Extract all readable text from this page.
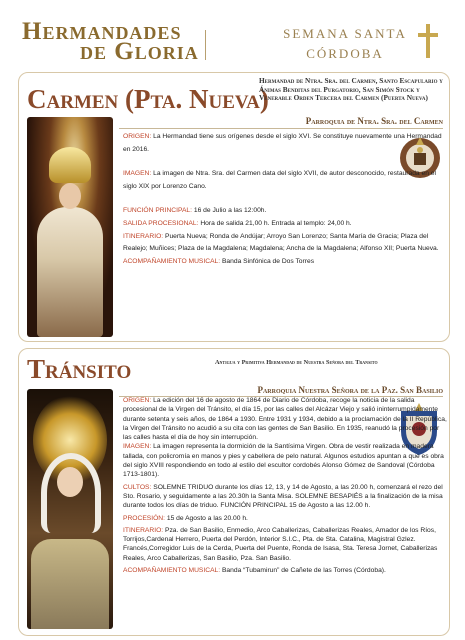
Hermandades
de Gloria
SEMANA SANTA
CÓRDOBA
Carmen (Pta. Nueva)
Hermandad de Ntra. Sra. del Carmen, Santo Escapulario y Ánimas Benditas del Purgatorio, San Simón Stock y Venerable Orden Tercera del Carmen (Puerta Nueva)
Parroquia de Ntra. Sra. del Carmen

ORIGEN: La Hermandad tiene sus orígenes desde el siglo XVI. Se constituye nuevamente una Hermandad en 2016.

IMAGEN: La imagen de Ntra. Sra. del Carmen data del siglo XVII, de autor desconocido, restaurada en el siglo XIX por Lorenzo Cano.

FUNCIÓN PRINCIPAL: 16 de Julio a las 12:00h.

SALIDA PROCESIONAL: Hora de salida 21,00 h. Entrada al templo: 24,00 h.

ITINERARIO: Puerta Nueva; Ronda de Andújar; Arroyo San Lorenzo; Santa María de Gracia; Plaza del Realejo; Muñices; Plaza de la Magdalena; Magdalena; Ancha de la Magdalena; Alfonso XII; Puerta Nueva.

ACOMPAÑAMIENTO MUSICAL: Banda Sinfónica de Dos Torres

Tránsito	Antigua y Primitiva Hermandad de Nuestra Señora del Transito
Parroquia Nuestra Señora de la Paz. San Basilio

ORIGEN: La edición del 16 de agosto de 1864 de Diario de Córdoba, recoge la noticia de la salida procesional de la Virgen del Tránsito, el día 15, por las calles del Alcázar Viejo y salió ininterrumpidamente durante setenta y seis años, de 1864 a 1930. Entre 1931 y 1934, debido a la proclamación de la II República, la Virgen del Tránsito no acudió a su cita con las gentes de San Basilio. En 1935, reanudó la procesión por las calles hasta el día de hoy sin interrupción.

IMAGEN: La imagen representa la dormición de la Santísima Virgen. Obra de vestir realizada en madera tallada, con policromía en manos y pies y cabellera de pelo natural. Algunos estudios apuntan a que es obra del siglo XVIII respondiendo en todo al estilo del escultor cordobés Alonso Gómez de Sandoval (Córdoba 1713-1801).

CULTOS: SOLEMNE TRIDUO durante los días 12, 13, y 14 de Agosto, a las 20.00 h, comenzará el rezo del Sto. Rosario, y seguidamente a las 20.30h la Santa Misa. SOLEMNE BESAPIÉS a la finalización de la misa durante todos los días de triduo. FUNCIÓN PRINCIPAL 15 de Agosto a las 12.00 h.

PROCESIÓN: 15 de Agosto a las 20.00 h.

ITINERARIO: Pza. de San Basilio, Enmedio, Arco Caballerizas, Caballerizas Reales, Amador de los Ríos, Torrijos,Cardenal Herrero, Puerta del Perdón, Interior S.I.C., Pta. de Sta. Catalina, Magistral Gzlez. Francés,Corregidor Luis de la Cerda, Puerta del Puente, Ronda de Isasa, Sta. Teresa Jornet, Caballerizas Reales, Arco Caballerizas, San Basilio, Pza. San Basilio.

ACOMPAÑAMIENTO MUSICAL: Banda “Tubamirun” de Cañete de las Torres (Córdoba).
